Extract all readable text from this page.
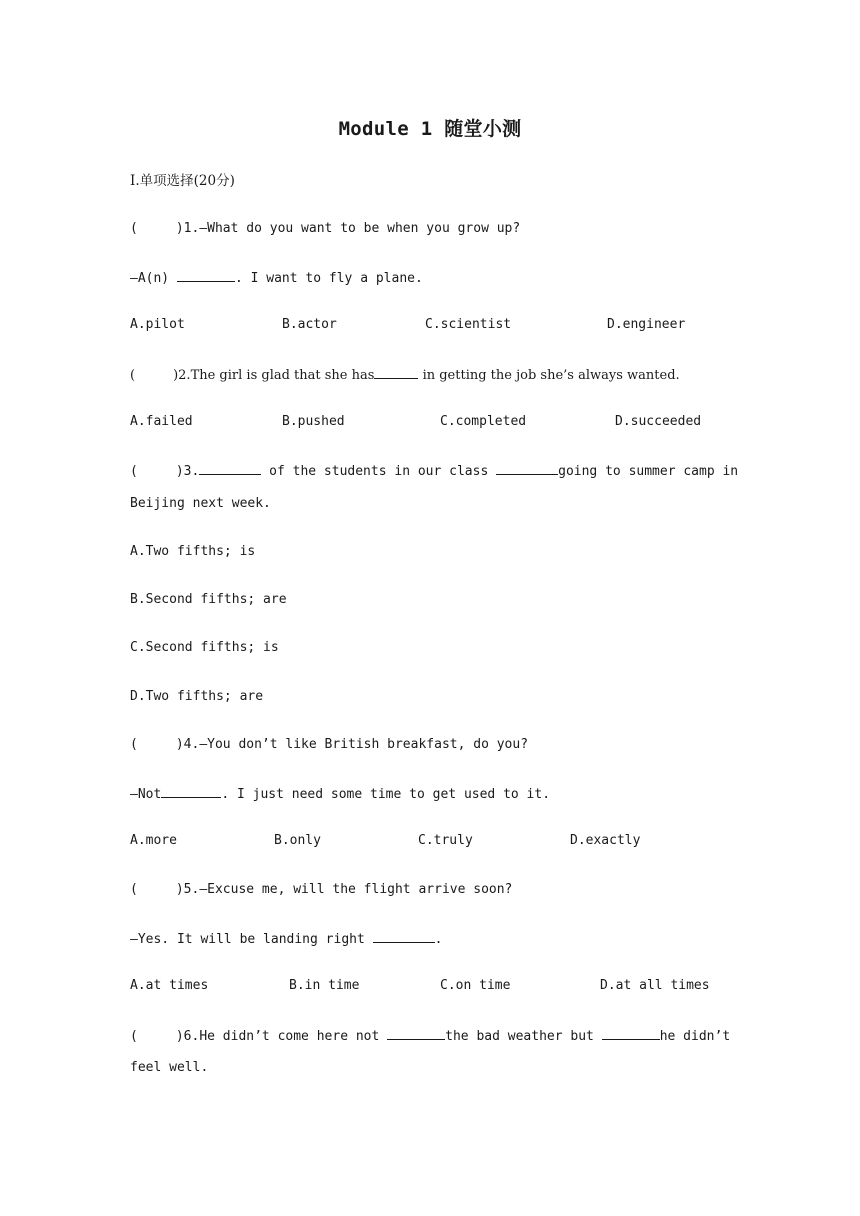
Module 1 随堂小测
Ⅰ.单项选择(20分)
(	)1.—What do you want to be when you grow up?
—A(n)	. I want to fly a plane.
A.pilot	B.actor	C.scientist	D.engineer
(	)2.The girl is glad that she has	in getting the job she’s always wanted.
A.failed	B.pushed	C.completed	D.succeeded
(	)3.	of the students in our class	going to summer camp in
Beijing next week.
A.Two fifths; is
B.Second fifths; are
C.Second fifths; is
D.Two fifths; are
(	)4.—You don’t like British breakfast, do you?
—Not	. I just need some time to get used to it.
A.more	B.only	C.truly	D.exactly
(	)5.—Excuse me, will the flight arrive soon?
—Yes. It will be landing right	.
A.at times	B.in time	C.on time	D.at all times
(	)6.He didn’t come here not	the bad weather but	he didn’t
feel well.
